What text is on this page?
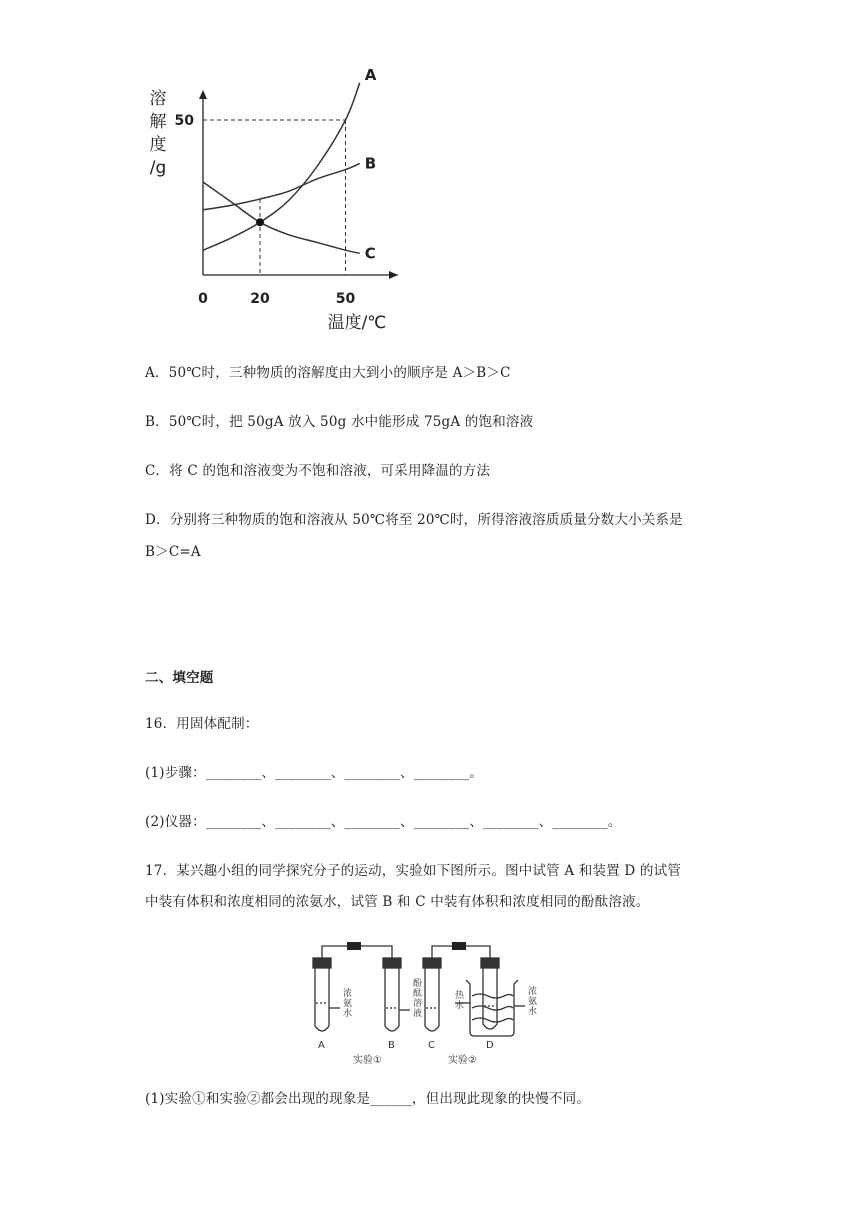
A
B
C
0	20	50
50
溶
解
度
/g
温度/℃
A．50℃时，三种物质的溶解度由大到小的顺序是 A＞B＞C
B．50℃时，把 50gA 放入 50g 水中能形成 75gA 的饱和溶液
C．将 C 的饱和溶液变为不饱和溶液，可采用降温的方法
D．分别将三种物质的饱和溶液从 50℃将至 20℃时，所得溶液溶质质量分数大小关系是
B＞C=A
二、填空题
16．用固体配制：
(1)步骤：________、________、________、________。
(2)仪器：________、________、________、________、________、________。
17．某兴趣小组的同学探究分子的运动，实验如下图所示。图中试管 A 和装置 D 的试管
中装有体积和浓度相同的浓氨水，试管 B 和 C 中装有体积和浓度相同的酚酞溶液。
A	B	C	D
实验①	实验②
浓
氨
水
酚
酞
溶
液
热
水
浓
氨
水
(1)实验①和实验②都会出现的现象是______，但出现此现象的快慢不同。
